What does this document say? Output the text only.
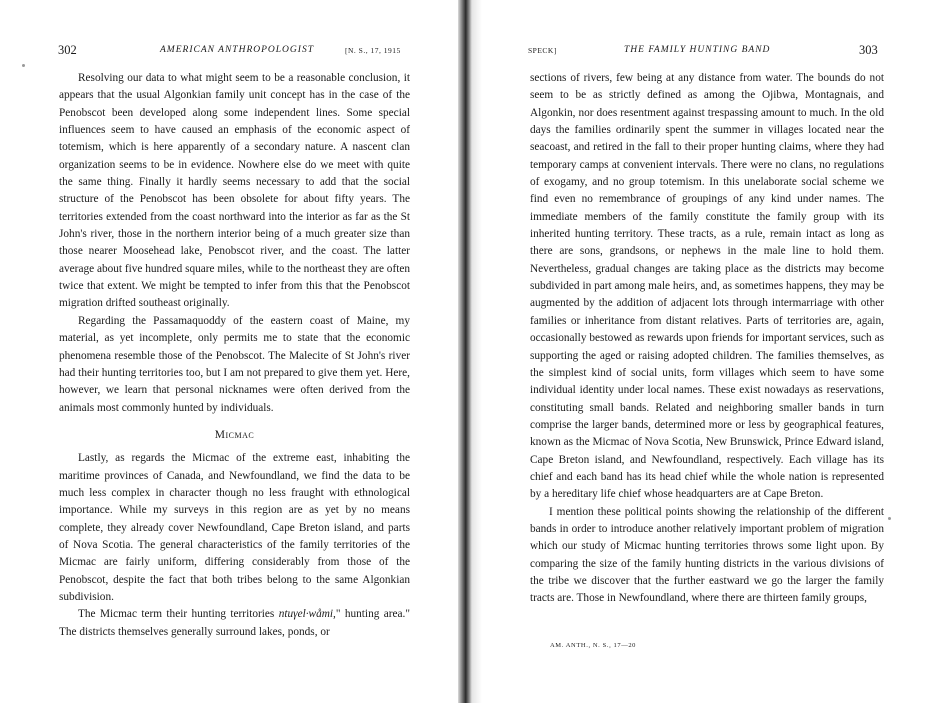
302	AMERICAN ANTHROPOLOGIST	[N. S., 17, 1915

Resolving our data to what might seem to be a reasonable conclusion, it appears that the usual Algonkian family unit concept has in the case of the Penobscot been developed along some independent lines. Some special influences seem to have caused an emphasis of the economic aspect of totemism, which is here apparently of a secondary nature. A nascent clan organization seems to be in evidence. Nowhere else do we meet with quite the same thing. Finally it hardly seems necessary to add that the social structure of the Penobscot has been obsolete for about fifty years. The territories extended from the coast northward into the interior as far as the St John's river, those in the northern interior being of a much greater size than those nearer Moosehead lake, Penobscot river, and the coast. The latter average about five hundred square miles, while to the northeast they are often twice that extent. We might be tempted to infer from this that the Penobscot migration drifted southeast originally.

Regarding the Passamaquoddy of the eastern coast of Maine, my material, as yet incomplete, only permits me to state that the economic phenomena resemble those of the Penobscot. The Malecite of St John's river had their hunting territories too, but I am not prepared to give them yet. Here, however, we learn that personal nicknames were often derived from the animals most commonly hunted by individuals.

Micmac

Lastly, as regards the Micmac of the extreme east, inhabiting the maritime provinces of Canada, and Newfoundland, we find the data to be much less complex in character though no less fraught with ethnological importance. While my surveys in this region are as yet by no means complete, they already cover Newfoundland, Cape Breton island, and parts of Nova Scotia. The general characteristics of the family territories of the Micmac are fairly uniform, differing considerably from those of the Penobscot, despite the fact that both tribes belong to the same Algonkian subdivision.

The Micmac term their hunting territories ntuγel·wåmi," hunting area." The districts themselves generally surround lakes, ponds, or

SPECK]	THE FAMILY HUNTING BAND	303

sections of rivers, few being at any distance from water. The bounds do not seem to be as strictly defined as among the Ojibwa, Montagnais, and Algonkin, nor does resentment against trespassing amount to much. In the old days the families ordinarily spent the summer in villages located near the seacoast, and retired in the fall to their proper hunting claims, where they had temporary camps at convenient intervals. There were no clans, no regulations of exogamy, and no group totemism. In this unelaborate social scheme we find even no remembrance of groupings of any kind under names. The immediate members of the family constitute the family group with its inherited hunting territory. These tracts, as a rule, remain intact as long as there are sons, grandsons, or nephews in the male line to hold them. Nevertheless, gradual changes are taking place as the districts may become subdivided in part among male heirs, and, as sometimes happens, they may be augmented by the addition of adjacent lots through intermarriage with other families or inheritance from distant relatives. Parts of territories are, again, occasionally bestowed as rewards upon friends for important services, such as supporting the aged or raising adopted children. The families themselves, as the simplest kind of social units, form villages which seem to have some individual identity under local names. These exist nowadays as reservations, constituting small bands. Related and neighboring smaller bands in turn comprise the larger bands, determined more or less by geographical features, known as the Micmac of Nova Scotia, New Brunswick, Prince Edward island, Cape Breton island, and Newfoundland, respectively. Each village has its chief and each band has its head chief while the whole nation is represented by a hereditary life chief whose headquarters are at Cape Breton.

I mention these political points showing the relationship of the different bands in order to introduce another relatively important problem of migration which our study of Micmac hunting territories throws some light upon. By comparing the size of the family hunting districts in the various divisions of the tribe we discover that the further eastward we go the larger the family tracts are. Those in Newfoundland, where there are thirteen family groups,

AM. ANTH., N. S., 17—20
